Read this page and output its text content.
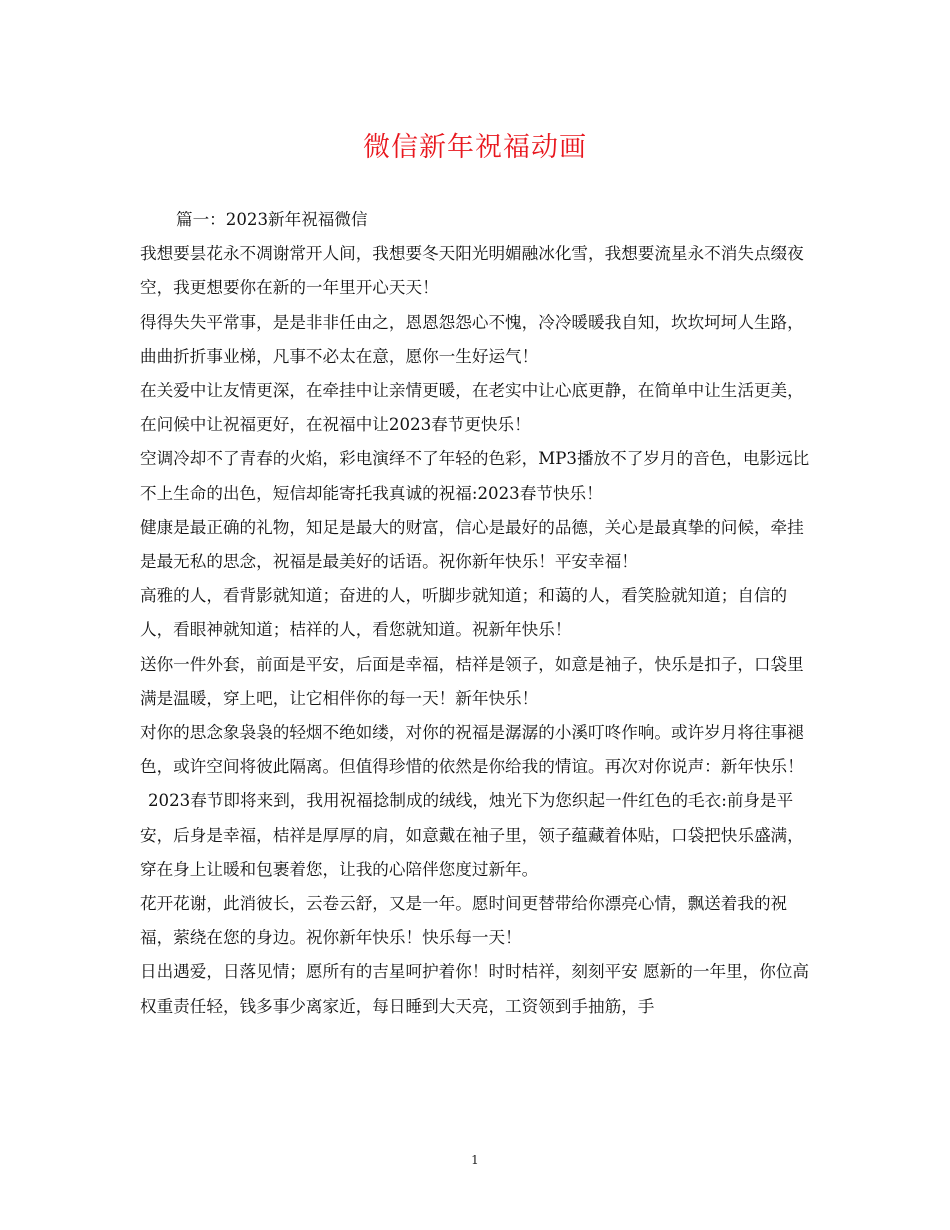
微信新年祝福动画

篇一：2023新年祝福微信

我想要昙花永不凋谢常开人间，我想要冬天阳光明媚融冰化雪，我想要流星永不消失点缀夜空，我更想要你在新的一年里开心天天！

得得失失平常事，是是非非任由之，恩恩怨怨心不愧，冷冷暖暖我自知，坎坎坷坷人生路，曲曲折折事业梯，凡事不必太在意，愿你一生好运气！

在关爱中让友情更深，在牵挂中让亲情更暖，在老实中让心底更静，在简单中让生活更美，在问候中让祝福更好，在祝福中让2023春节更快乐！

空调冷却不了青春的火焰，彩电演绎不了年轻的色彩，MP3播放不了岁月的音色，电影远比不上生命的出色，短信却能寄托我真诚的祝福:2023春节快乐！

健康是最正确的礼物，知足是最大的财富，信心是最好的品德，关心是最真挚的问候，牵挂是最无私的思念，祝福是最美好的话语。祝你新年快乐！平安幸福！

高雅的人，看背影就知道；奋进的人，听脚步就知道；和蔼的人，看笑脸就知道；自信的人，看眼神就知道；桔祥的人，看您就知道。祝新年快乐！

送你一件外套，前面是平安，后面是幸福，桔祥是领子，如意是袖子，快乐是扣子，口袋里满是温暖，穿上吧，让它相伴你的每一天！新年快乐！

对你的思念象袅袅的轻烟不绝如缕，对你的祝福是潺潺的小溪叮咚作响。或许岁月将往事褪色，或许空间将彼此隔离。但值得珍惜的依然是你给我的情谊。再次对你说声：新年快乐！

2023春节即将来到，我用祝福捻制成的绒线，烛光下为您织起一件红色的毛衣:前身是平安，后身是幸福，桔祥是厚厚的肩，如意戴在袖子里，领子蕴藏着体贴，口袋把快乐盛满，穿在身上让暖和包裹着您，让我的心陪伴您度过新年。

花开花谢，此消彼长，云卷云舒，又是一年。愿时间更替带给你漂亮心情，飘送着我的祝福，萦绕在您的身边。祝你新年快乐！快乐每一天！

日出遇爱，日落见情；愿所有的吉星呵护着你！时时桔祥，刻刻平安 愿新的一年里，你位高权重责任轻，钱多事少离家近，每日睡到大天亮，工资领到手抽筋，手

1
